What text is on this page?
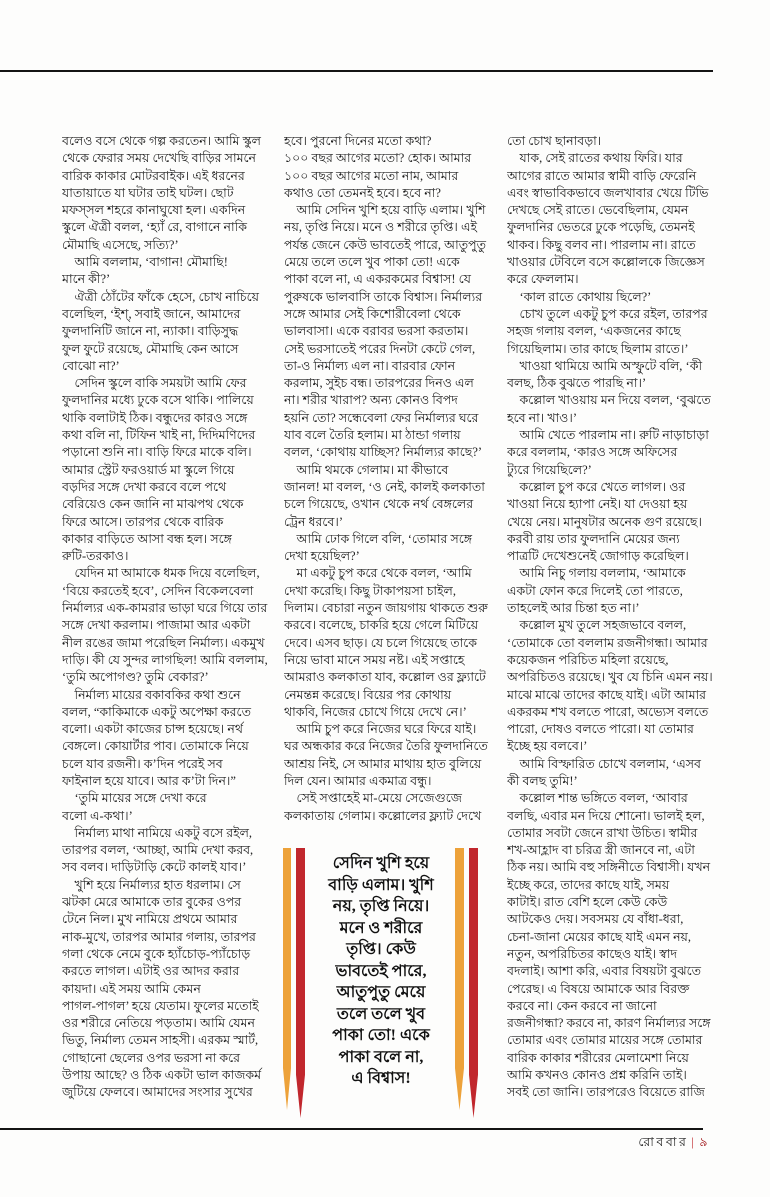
বলেও বসে থেকে গল্প করতেন। আমি স্কুল
থেকে ফেরার সময় দেখেছি বাড়ির সামনে
বারিক কাকার মোটরবাইক। এই ধরনের
যাতায়াতে যা ঘটার তাই ঘটল। ছোট
মফস্সল শহরে কানাঘুষো হল। একদিন
স্কুলে ঐত্রী বলল, ‘হ্যাঁ রে, বাগানে নাকি
মৌমাছি এসেছে, সত্যি?’
 আমি বললাম, ‘বাগান! মৌমাছি!
মানে কী?’
 ঐত্রী ঠোঁটের ফাঁকে হেসে, চোখ নাচিয়ে
বলেছিল, ‘ইশ্‌, সবাই জানে, আমাদের
ফুলদানিটি জানে না, ন্যাকা। বাড়িসুদ্ধ
ফুল ফুটে রয়েছে, মৌমাছি কেন আসে
বোঝো না?’
 সেদিন স্কুলে বাকি সময়টা আমি ফের
ফুলদানির মধ্যে ঢুকে বসে থাকি। পালিয়ে
থাকি বলাটাই ঠিক। বন্ধুদের কারও সঙ্গে
কথা বলি না, টিফিন খাই না, দিদিমণিদের
পড়ানো শুনি না। বাড়ি ফিরে মাকে বলি।
আমার স্ট্রেট ফরওয়ার্ড মা স্কুলে গিয়ে
বড়দির সঙ্গে দেখা করবে বলে পথে
বেরিয়েও কেন জানি না মাঝপথ থেকে
ফিরে আসে। তারপর থেকে বারিক
কাকার বাড়িতে আসা বন্ধ হল। সঙ্গে
রুটি-তরকাও।
 যেদিন মা আমাকে ধমক দিয়ে বলেছিল,
‘বিয়ে করতেই হবে’, সেদিন বিকেলবেলা
নির্মাল্যর এক-কামরার ভাড়া ঘরে গিয়ে তার
সঙ্গে দেখা করলাম। পাজামা আর একটা
নীল রঙের জামা পরেছিল নির্মাল্য। একমুখ
দাড়ি। কী যে সুন্দর লাগছিল! আমি বললাম,
‘তুমি অপোগণ্ড? তুমি বেকার?’
 নির্মাল্য মায়ের বকাবকির কথা শুনে
বলল, “কাকিমাকে একটু অপেক্ষা করতে
বলো। একটা কাজের চান্স হয়েছে। নর্থ
বেঙ্গলে। কোয়ার্টার পাব। তোমাকে নিয়ে
চলে যাব রজনী। ক’দিন পরেই সব
ফাইনাল হয়ে যাবে। আর ক’টা দিন।”
 ‘তুমি মায়ের সঙ্গে দেখা করে
বলো এ-কথা।’
 নির্মাল্য মাথা নামিয়ে একটু বসে রইল,
তারপর বলল, ‘আচ্ছা, আমি দেখা করব,
সব বলব। দাড়িটাড়ি কেটে কালই যাব।’
 খুশি হয়ে নির্মাল্যর হাত ধরলাম। সে
ঝটকা মেরে আমাকে তার বুকের ওপর
টেনে নিল। মুখ নামিয়ে প্রথমে আমার
নাক-মুখে, তারপর আমার গলায়, তারপর
গলা থেকে নেমে বুকে হ্যাঁচোড়-প্যাঁচোড়
করতে লাগল। এটাই ওর আদর করার
কায়দা। এই সময় আমি কেমন
পাগল-পাগল’ হয়ে যেতাম। ফুলের মতোই
ওর শরীরে নেতিয়ে পড়তাম। আমি যেমন
ভিতু, নির্মাল্য তেমন সাহসী। এরকম স্মার্ট,
গোছানো ছেলের ওপর ভরসা না করে
উপায় আছে? ও ঠিক একটা ভাল কাজকর্ম
জুটিয়ে ফেলবে। আমাদের সংসার সুখের
হবে। পুরনো দিনের মতো কথা?
১০০ বছর আগের মতো? হোক। আমার
১০০ বছর আগের মতো নাম, আমার
কথাও তো তেমনই হবে। হবে না?
 আমি সেদিন খুশি হয়ে বাড়ি এলাম। খুশি
নয়, তৃপ্তি নিয়ে। মনে ও শরীরে তৃপ্তি। এই
পর্যন্ত জেনে কেউ ভাবতেই পারে, আতুপুতু
মেয়ে তলে তলে খুব পাকা তো! একে
পাকা বলে না, এ একরকমের বিশ্বাস! যে
পুরুষকে ভালবাসি তাকে বিশ্বাস। নির্মাল্যর
সঙ্গে আমার সেই কিশোরীবেলা থেকে
ভালবাসা। একে বরাবর ভরসা করতাম।
সেই ভরসাতেই পরের দিনটা কেটে গেল,
তা-ও নির্মাল্য এল না। বারবার ফোন
করলাম, সুইচ বন্ধ। তারপরের দিনও এল
না। শরীর খারাপ? অন্য কোনও বিপদ
হয়নি তো? সন্ধেবেলা ফের নির্মাল্যর ঘরে
যাব বলে তৈরি হলাম। মা ঠান্ডা গলায়
বলল, ‘কোথায় যাচ্ছিস? নির্মাল্যর কাছে?’
 আমি থমকে গেলাম। মা কীভাবে
জানল! মা বলল, ‘ও নেই, কালই কলকাতা
চলে গিয়েছে, ওখান থেকে নর্থ বেঙ্গলের
ট্রেন ধরবে।’
 আমি ঢোক গিলে বলি, ‘তোমার সঙ্গে
দেখা হয়েছিল?’
 মা একটু চুপ করে থেকে বলল, ‘আমি
দেখা করেছি। কিছু টাকাপয়সা চাইল,
দিলাম। বেচারা নতুন জায়গায় থাকতে শুরু
করবে। বলেছে, চাকরি হয়ে গেলে মিটিয়ে
দেবে। এসব ছাড়। যে চলে গিয়েছে তাকে
নিয়ে ভাবা মানে সময় নষ্ট। এই সপ্তাহে
আমরাও কলকাতা যাব, কল্লোল ওর ফ্ল্যাটে
নেমন্তন্ন করেছে। বিয়ের পর কোথায়
থাকবি, নিজের চোখে গিয়ে দেখে নে।’
 আমি চুপ করে নিজের ঘরে ফিরে যাই।
ঘর অন্ধকার করে নিজের তৈরি ফুলদানিতে
আশ্রয় নিই, সে আমার মাথায় হাত বুলিয়ে
দিল যেন। আমার একমাত্র বন্ধু।
 সেই সপ্তাহেই মা-মেয়ে সেজেগুজে
কলকাতায় গেলাম। কল্লোলের ফ্ল্যাট দেখে
তো চোখ ছানাবড়া।
 যাক, সেই রাতের কথায় ফিরি। যার
আগের রাতে আমার স্বামী বাড়ি ফেরেনি
এবং স্বাভাবিকভাবে জলখাবার খেয়ে টিভি
দেখছে সেই রাতে। ভেবেছিলাম, যেমন
ফুলদানির ভেতরে ঢুকে পড়েছি, তেমনই
থাকব। কিছু বলব না। পারলাম না। রাতে
খাওয়ার টেবিলে বসে কল্লোলকে জিজ্ঞেস
করে ফেললাম।
 ‘কাল রাতে কোথায় ছিলে?’
 চোখ তুলে একটু চুপ করে রইল, তারপর
সহজ গলায় বলল, ‘একজনের কাছে
গিয়েছিলাম। তার কাছে ছিলাম রাতে।’
 খাওয়া থামিয়ে আমি অস্ফুটে বলি, ‘কী
বলছ, ঠিক বুঝতে পারছি না।’
 কল্লোল খাওয়ায় মন দিয়ে বলল, ‘বুঝতে
হবে না। খাও।’
 আমি খেতে পারলাম না। রুটি নাড়াচাড়া
করে বললাম, ‘কারও সঙ্গে অফিসের
ট্যুরে গিয়েছিলে?’
 কল্লোল চুপ করে খেতে লাগল। ওর
খাওয়া নিয়ে হ্যাপা নেই। যা দেওয়া হয়
খেয়ে নেয়। মানুষটার অনেক গুণ রয়েছে।
করবী রায় তার ফুলদানি মেয়ের জন্য
পাত্রটি দেখেশুনেই জোগাড় করেছিল।
 আমি নিচু গলায় বললাম, ‘আমাকে
একটা ফোন করে দিলেই তো পারতে,
তাহলেই আর চিন্তা হত না।’
 কল্লোল মুখ তুলে সহজভাবে বলল,
‘তোমাকে তো বললাম রজনীগন্ধা। আমার
কয়েকজন পরিচিত মহিলা রয়েছে,
অপরিচিতও রয়েছে। খুব যে চিনি এমন নয়।
মাঝে মাঝে তাদের কাছে যাই। এটা আমার
একরকম শখ বলতে পারো, অভ্যেস বলতে
পারো, দোষও বলতে পারো। যা তোমার
ইচ্ছে হয় বলবে।’
 আমি বিস্ফারিত চোখে বললাম, ‘এসব
কী বলছ তুমি!’
 কল্লোল শান্ত ভঙ্গিতে বলল, ‘আবার
বলছি, এবার মন দিয়ে শোনো। ভালই হল,
তোমার সবটা জেনে রাখা উচিত। স্বামীর
শখ-আহ্লাদ বা চরিত্র স্ত্রী জানবে না, এটা
ঠিক নয়। আমি বহু সঙ্গিনীতে বিশ্বাসী। যখন
ইচ্ছে করে, তাদের কাছে যাই, সময়
কাটাই। রাত বেশি হলে কেউ কেউ
আটকেও দেয়। সবসময় যে বাঁধা-ধরা,
চেনা-জানা মেয়ের কাছে যাই এমন নয়,
নতুন, অপরিচিতর কাছেও যাই। স্বাদ
বদলাই। আশা করি, এবার বিষয়টা বুঝতে
পেরেছ। এ বিষয়ে আমাকে আর বিরক্ত
করবে না। কেন করবে না জানো
রজনীগন্ধা? করবে না, কারণ নির্মাল্যর সঙ্গে
তোমার এবং তোমার মায়ের সঙ্গে তোমার
বারিক কাকার শরীরের মেলামেশা নিয়ে
আমি কখনও কোনও প্রশ্ন করিনি তাই।
সবই তো জানি। তারপরেও বিয়েতে রাজি
সেদিন খুশি হয়ে
বাড়ি এলাম। খুশি
নয়, তৃপ্তি নিয়ে।
মনে ও শরীরে
তৃপ্তি। কেউ
ভাবতেই পারে,
আতুপুতু মেয়ে
তলে তলে খুব
পাকা তো! একে
পাকা বলে না,
এ বিশ্বাস!
রোববার | ৯
